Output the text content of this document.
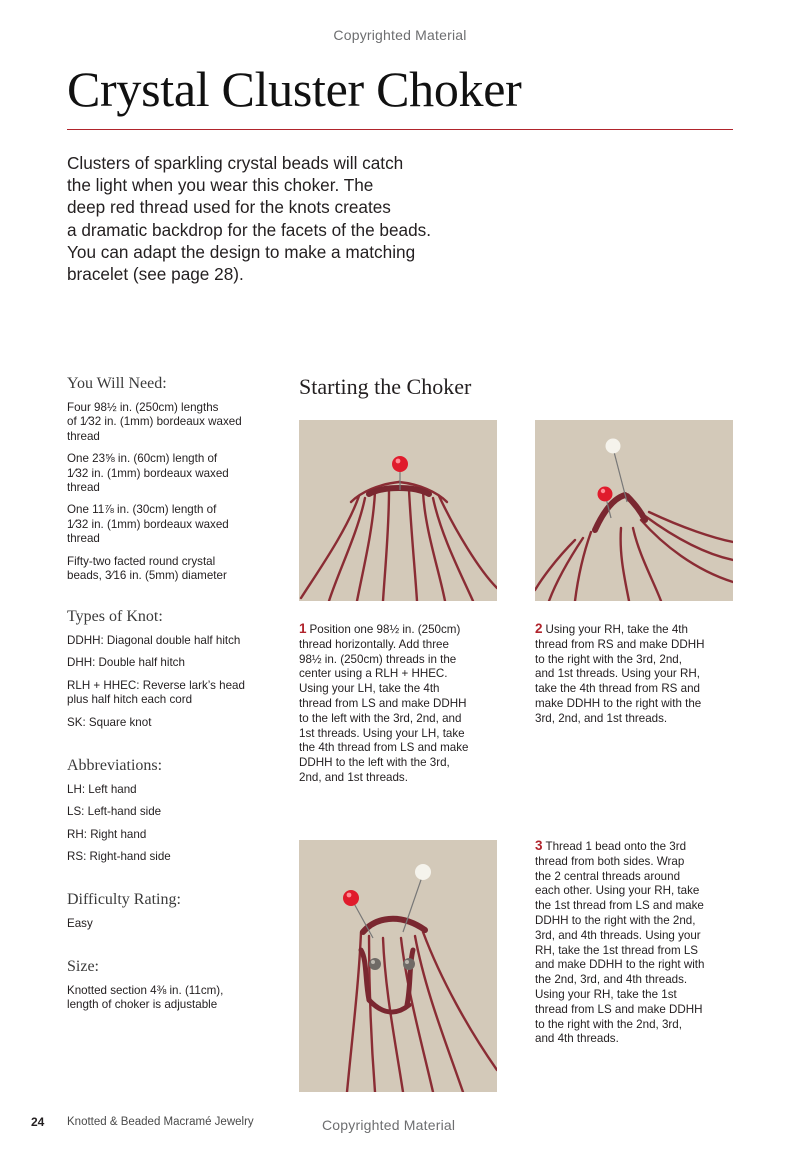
Copyrighted Material
Crystal Cluster Choker
Clusters of sparkling crystal beads will catch
the light when you wear this choker. The
deep red thread used for the knots creates
a dramatic backdrop for the facets of the beads.
You can adapt the design to make a matching
bracelet (see page 28).
You Will Need:
Four 98½ in. (250cm) lengths
of 1⁄32 in. (1mm) bordeaux waxed
thread
One 23⅝ in. (60cm) length of
1⁄32 in. (1mm) bordeaux waxed
thread
One 11⅞ in. (30cm) length of
1⁄32 in. (1mm) bordeaux waxed
thread
Fifty-two facted round crystal
beads, 3⁄16 in. (5mm) diameter
Types of Knot:
DDHH: Diagonal double half hitch
DHH: Double half hitch
RLH + HHEC: Reverse lark’s head
plus half hitch each cord
SK: Square knot
Abbreviations:
LH: Left hand
LS: Left-hand side
RH: Right hand
RS: Right-hand side
Difficulty Rating:
Easy
Size:
Knotted section 4⅜ in. (11cm),
length of choker is adjustable
Starting the Choker
1 Position one 98½ in. (250cm)
thread horizontally. Add three
98½ in. (250cm) threads in the
center using a RLH + HHEC.
Using your LH, take the 4th
thread from LS and make DDHH
to the left with the 3rd, 2nd, and
1st threads. Using your LH, take
the 4th thread from LS and make
DDHH to the left with the 3rd,
2nd, and 1st threads.
2 Using your RH, take the 4th
thread from RS and make DDHH
to the right with the 3rd, 2nd,
and 1st threads. Using your RH,
take the 4th thread from RS and
make DDHH to the right with the
3rd, 2nd, and 1st threads.
3 Thread 1 bead onto the 3rd
thread from both sides. Wrap
the 2 central threads around
each other. Using your RH, take
the 1st thread from LS and make
DDHH to the right with the 2nd,
3rd, and 4th threads. Using your
RH, take the 1st thread from LS
and make DDHH to the right with
the 2nd, 3rd, and 4th threads.
Using your RH, take the 1st
thread from LS and make DDHH
to the right with the 2nd, 3rd,
and 4th threads.
24 Knotted & Beaded Macramé Jewelry	Copyrighted Material
